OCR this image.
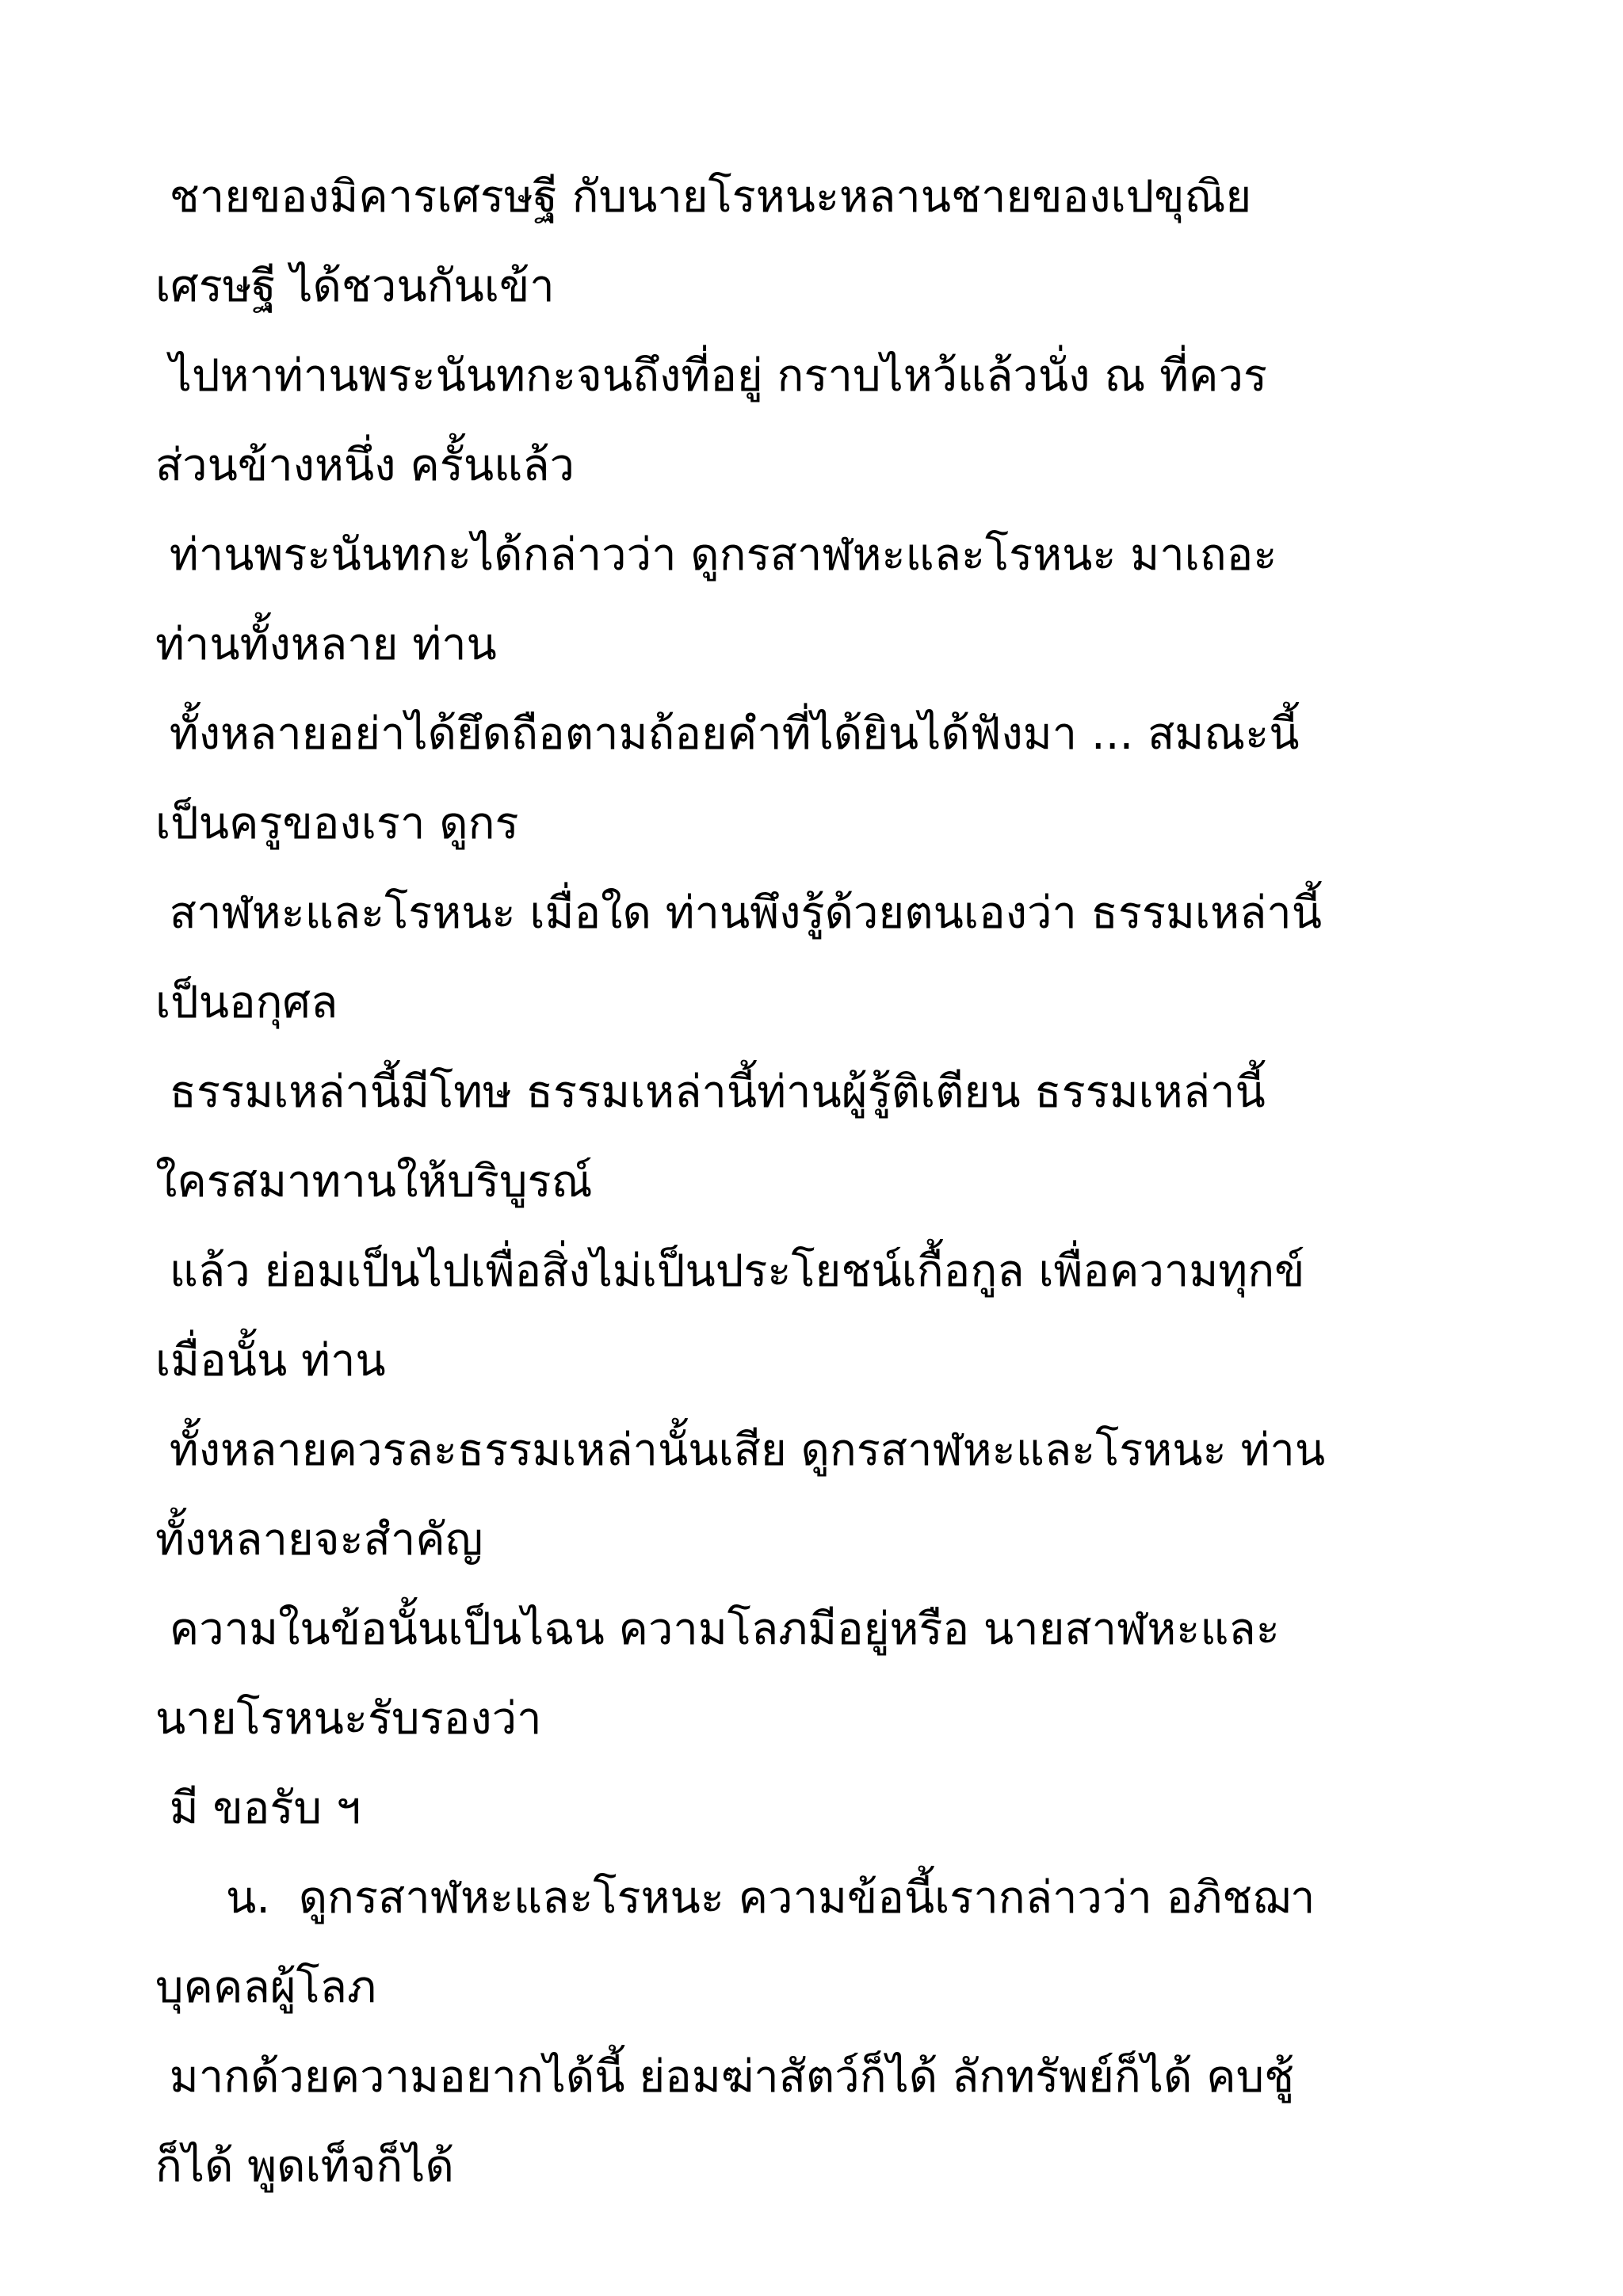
ชายของมิคารเศรษฐี กับนายโรหนะหลานชายของเปขุณิย
เศรษฐี ได้ชวนกันเข้า
ไปหาท่านพระนันทกะจนถึงที่อยู่ กราบไหว้แล้วนั่ง ณ ที่ควร
ส่วนข้างหนึ่ง ครั้นแล้ว
ท่านพระนันทกะได้กล่าวว่า ดูกรสาฬหะและโรหนะ มาเถอะ
ท่านทั้งหลาย ท่าน
ทั้งหลายอย่าได้ยึดถือตามถ้อยคำที่ได้ยินได้ฟังมา ... สมณะนี้
เป็นครูของเรา ดูกร
สาฬหะและโรหนะ เมื่อใด ท่านพึงรู้ด้วยตนเองว่า ธรรมเหล่านี้
เป็นอกุศล
ธรรมเหล่านี้มีโทษ ธรรมเหล่านี้ท่านผู้รู้ติเตียน ธรรมเหล่านี้
ใครสมาทานให้บริบูรณ์
แล้ว ย่อมเป็นไปเพื่อสิ่งไม่เป็นประโยชน์เกื้อกูล เพื่อความทุกข์
เมื่อนั้น ท่าน
ทั้งหลายควรละธรรมเหล่านั้นเสีย ดูกรสาฬหะและโรหนะ ท่าน
ทั้งหลายจะสำคัญ
ความในข้อนั้นเป็นไฉน ความโลภมีอยู่หรือ นายสาฬหะและ
นายโรหนะรับรองว่า
มี ขอรับ ฯ
น.  ดูกรสาฬหะและโรหนะ ความข้อนี้เรากล่าวว่า อภิชฌา
บุคคลผู้โลภ
มากด้วยความอยากได้นี้ ย่อมฆ่าสัตว์ก็ได้ ลักทรัพย์ก็ได้ คบชู้
ก็ได้ พูดเท็จก็ได้
